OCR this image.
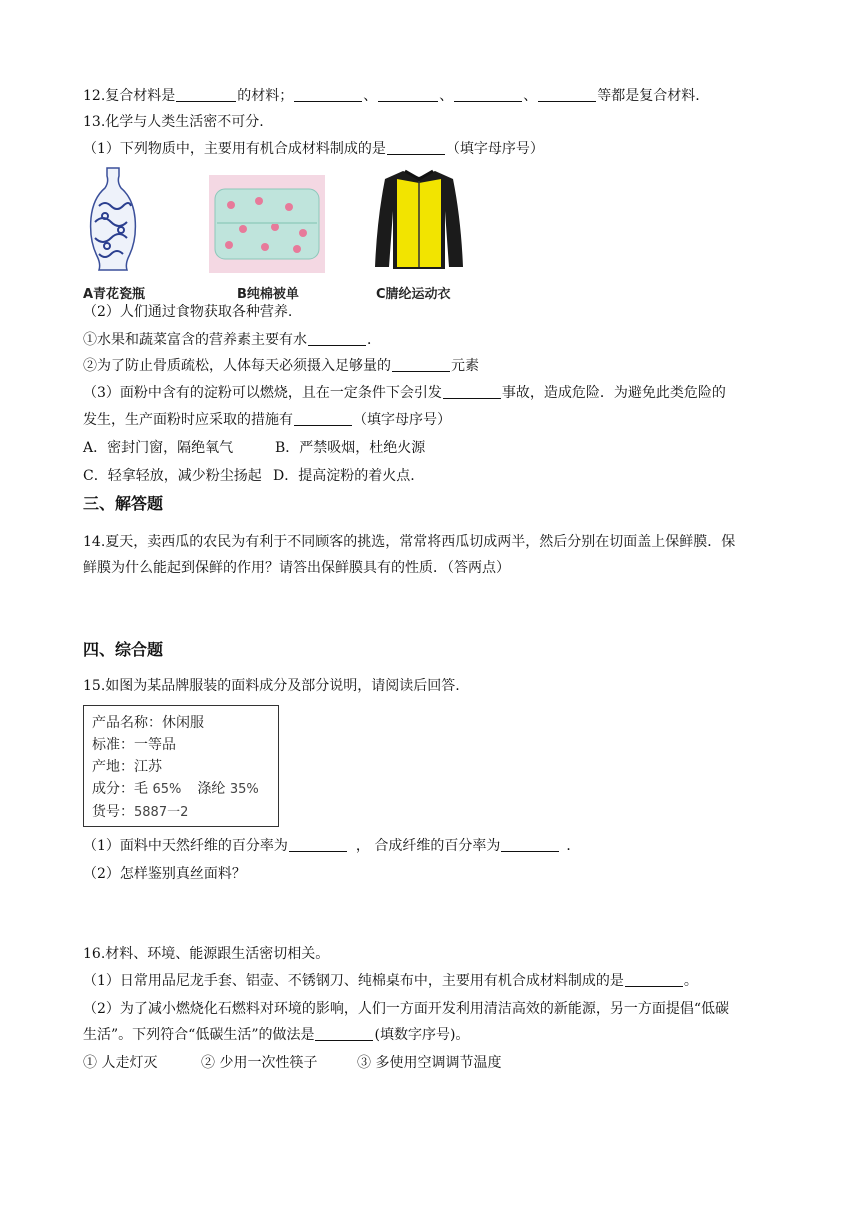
12.复合材料是	的材料；	、	、	、	等都是复合材料.
13.化学与人类生活密不可分.
（1）下列物质中，主要用有机合成材料制成的是	（填字母序号）
A青花瓷瓶	B纯棉被单	C腈纶运动衣
（2）人们通过食物获取各种营养.
①水果和蔬菜富含的营养素主要有水	．
②为了防止骨质疏松，人体每天必须摄入足够量的	元素
（3）面粉中含有的淀粉可以燃烧，且在一定条件下会引发	事故，造成危险．为避免此类危险的
发生，生产面粉时应采取的措施有	（填字母序号）
A．密封门窗，隔绝氧气	B．严禁吸烟，杜绝火源
C．轻拿轻放，减少粉尘扬起 D．提高淀粉的着火点.
三、解答题
14.夏天，卖西瓜的农民为有利于不同顾客的挑选，常常将西瓜切成两半，然后分别在切面盖上保鲜膜．保
鲜膜为什么能起到保鲜的作用？请答出保鲜膜具有的性质．（答两点）
四、综合题
15.如图为某品牌服装的面料成分及部分说明，请阅读后回答.
产品名称：休闲服
标准：一等品
产地：江苏
成分：毛 65% 涤纶 35%
货号：5887一2
（1）面料中天然纤维的百分率为	， 合成纤维的百分率为	．
（2）怎样鉴别真丝面料？
16.材料、环境、能源跟生活密切相关。
（1）日常用品尼龙手套、铝壶、不锈钢刀、纯棉桌布中，主要用有机合成材料制成的是	。
（2）为了减小燃烧化石燃料对环境的影响，人们一方面开发利用清洁高效的新能源，另一方面提倡“低碳
生活”。下列符合“低碳生活”的做法是	(填数字序号)。
① 人走灯灭	② 少用一次性筷子	③ 多使用空调调节温度
